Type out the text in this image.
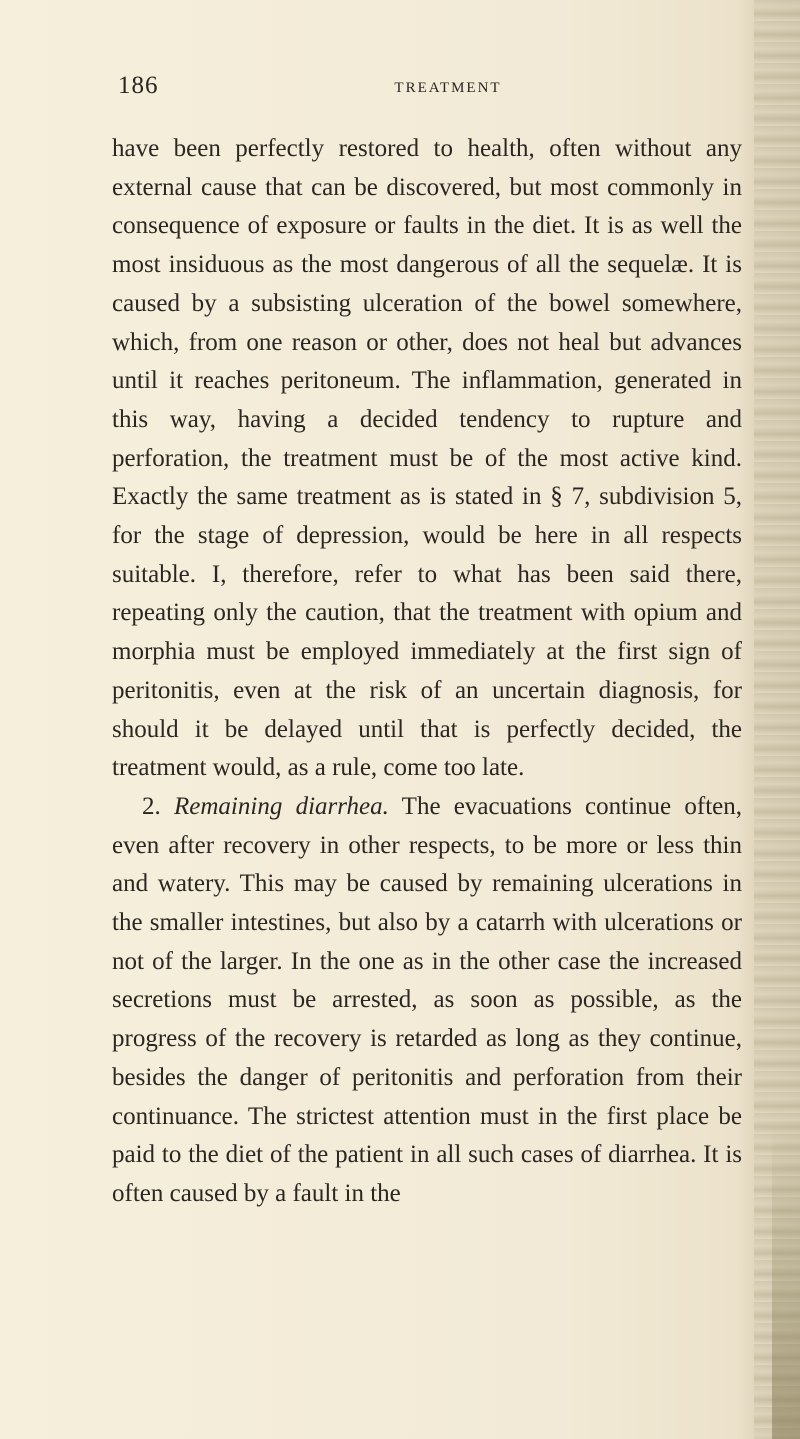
186	TREATMENT

have been perfectly restored to health, often without any external cause that can be discovered, but most commonly in consequence of exposure or faults in the diet. It is as well the most insiduous as the most dangerous of all the sequelæ. It is caused by a subsisting ulceration of the bowel somewhere, which, from one reason or other, does not heal but advances until it reaches peritoneum. The inflammation, generated in this way, having a decided tendency to rupture and perforation, the treatment must be of the most active kind. Exactly the same treatment as is stated in § 7, subdivision 5, for the stage of depression, would be here in all respects suitable. I, therefore, refer to what has been said there, repeating only the caution, that the treatment with opium and morphia must be employed immediately at the first sign of peritonitis, even at the risk of an uncertain diagnosis, for should it be delayed until that is perfectly decided, the treatment would, as a rule, come too late.

2. Remaining diarrhea. The evacuations continue often, even after recovery in other respects, to be more or less thin and watery. This may be caused by remaining ulcerations in the smaller intestines, but also by a catarrh with ulcerations or not of the larger. In the one as in the other case the increased secretions must be arrested, as soon as possible, as the progress of the recovery is retarded as long as they continue, besides the danger of peritonitis and perforation from their continuance. The strictest attention must in the first place be paid to the diet of the patient in all such cases of diarrhea. It is often caused by a fault in the
